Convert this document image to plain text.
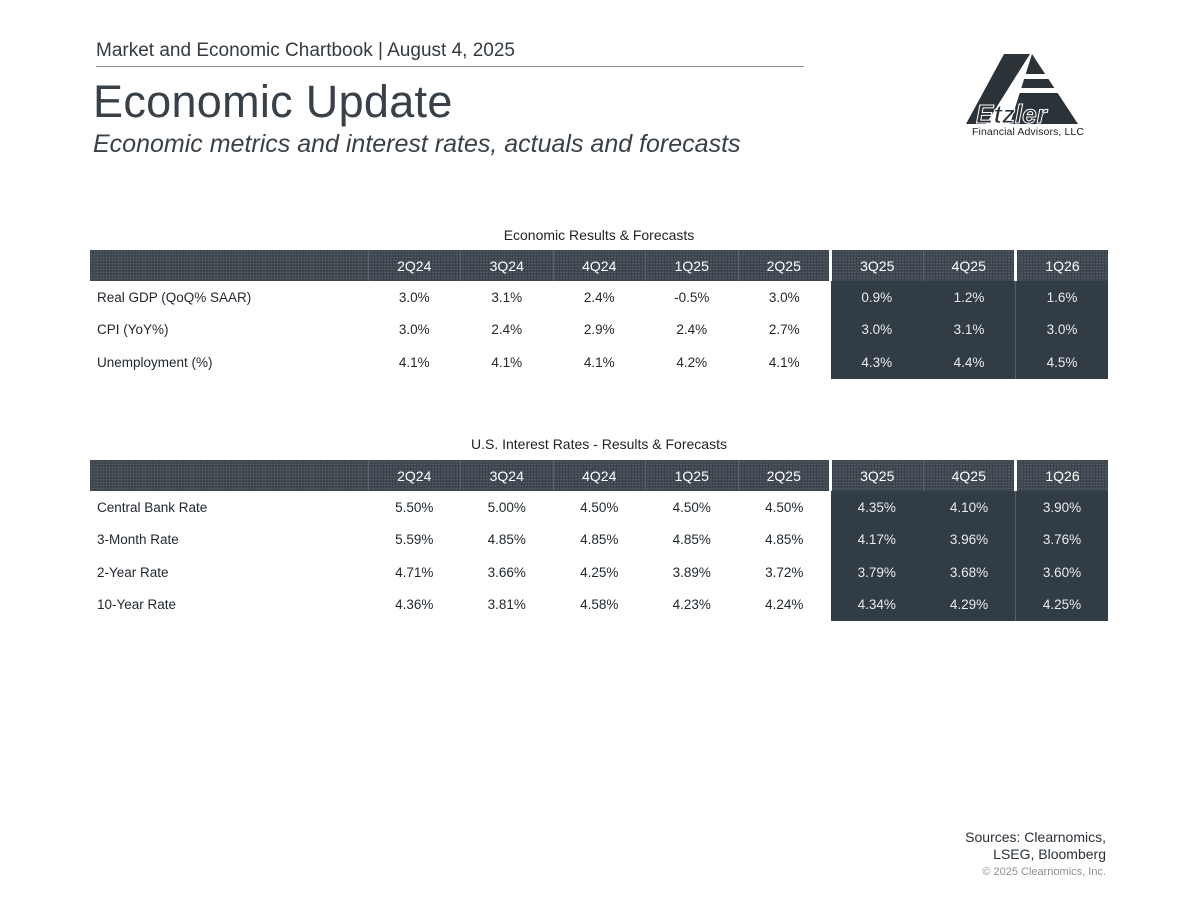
Market and Economic Chartbook | August 4, 2025
Economic Update
Economic metrics and interest rates, actuals and forecasts
Etzler
Financial Advisors, LLC
Economic Results & Forecasts
	2Q24	3Q24	4Q24	1Q25	2Q25	3Q25	4Q25	1Q26
Real GDP (QoQ% SAAR)	3.0%	3.1%	2.4%	-0.5%	3.0%	0.9%	1.2%	1.6%
CPI (YoY%)	3.0%	2.4%	2.9%	2.4%	2.7%	3.0%	3.1%	3.0%
Unemployment (%)	4.1%	4.1%	4.1%	4.2%	4.1%	4.3%	4.4%	4.5%
U.S. Interest Rates - Results & Forecasts
	2Q24	3Q24	4Q24	1Q25	2Q25	3Q25	4Q25	1Q26
Central Bank Rate	5.50%	5.00%	4.50%	4.50%	4.50%	4.35%	4.10%	3.90%
3-Month Rate	5.59%	4.85%	4.85%	4.85%	4.85%	4.17%	3.96%	3.76%
2-Year Rate	4.71%	3.66%	4.25%	3.89%	3.72%	3.79%	3.68%	3.60%
10-Year Rate	4.36%	3.81%	4.58%	4.23%	4.24%	4.34%	4.29%	4.25%
Sources: Clearnomics,
LSEG, Bloomberg
© 2025 Clearnomics, Inc.
